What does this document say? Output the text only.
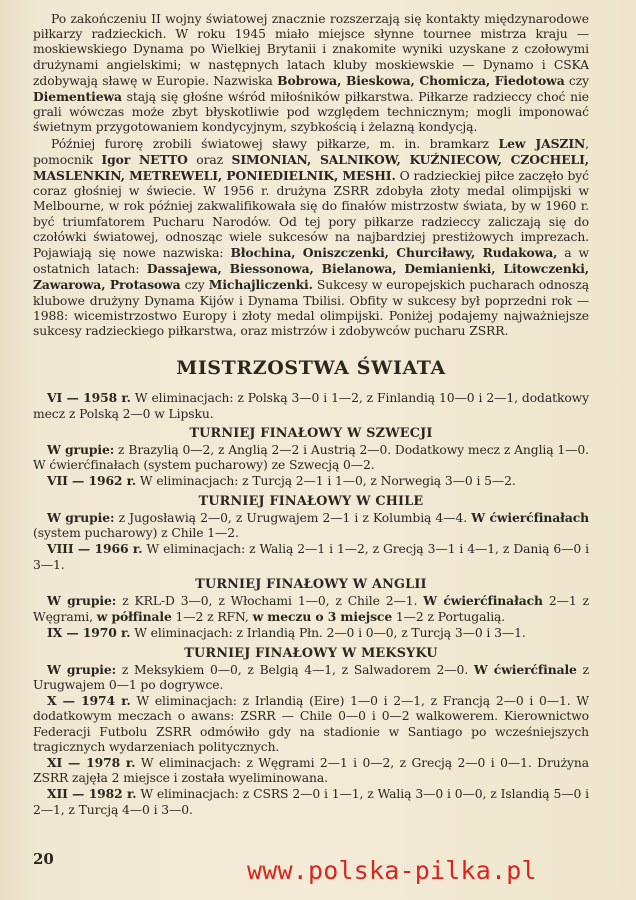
Po zakończeniu II wojny światowej znacznie rozszerzają się kontakty międzynarodowe piłkarzy radzieckich. W roku 1945 miało miejsce słynne tournee mistrza kraju — moskiewskiego Dynama po Wielkiej Brytanii i znakomite wyniki uzyskane z czołowymi drużynami angielskimi; w następnych latach kluby moskiewskie — Dynamo i CSKA zdobywają sławę w Europie. Nazwiska Bobrowa, Bieskowa, Chomicza, Fiedotowa czy Diementiewa stają się głośne wśród miłośników piłkarstwa. Piłkarze radzieccy choć nie grali wówczas może zbyt błyskotliwie pod względem technicznym; mogli imponować świetnym przygotowaniem kondycyjnym, szybkością i żelazną kondycją.

Później furorę zrobili światowej sławy piłkarze, m. in. bramkarz Lew JASZIN, pomocnik Igor NETTO oraz SIMONIAN, SALNIKOW, KUŹNIECOW, CZOCHELI, MASLENKIN, METREWELI, PONIEDIELNIK, MESHI. O radzieckiej piłce zaczęło być coraz głośniej w świecie. W 1956 r. drużyna ZSRR zdobyła złoty medal olimpijski w Melbourne, w rok później zakwalifikowała się do finałów mistrzostw świata, by w 1960 r. być triumfatorem Pucharu Narodów. Od tej pory piłkarze radzieccy zaliczają się do czołówki światowej, odnosząc wiele sukcesów na najbardziej prestiżowych imprezach. Pojawiają się nowe nazwiska: Błochina, Oniszczenki, Churciławy, Rudakowa, a w ostatnich latach: Dassajewa, Biessonowa, Bielanowa, Demianienki, Litowczenki, Zawarowa, Protasowa czy Michajliczenki. Sukcesy w europejskich pucharach odnoszą klubowe drużyny Dynama Kijów i Dynama Tbilisi. Obfity w sukcesy był poprzedni rok — 1988: wicemistrzostwo Europy i złoty medal olimpijski. Poniżej podajemy najważniejsze sukcesy radzieckiego piłkarstwa, oraz mistrzów i zdobywców pucharu ZSRR.

MISTRZOSTWA ŚWIATA

VI — 1958 r. W eliminacjach: z Polską 3—0 i 1—2, z Finlandią 10—0 i 2—1, dodatkowy mecz z Polską 2—0 w Lipsku.

TURNIEJ FINAŁOWY W SZWECJI

W grupie: z Brazylią 0—2, z Anglią 2—2 i Austrią 2—0. Dodatkowy mecz z Anglią 1—0. W ćwierćfinałach (system pucharowy) ze Szwecją 0—2.

VII — 1962 r. W eliminacjach: z Turcją 2—1 i 1—0, z Norwegią 3—0 i 5—2.

TURNIEJ FINAŁOWY W CHILE

W grupie: z Jugosławią 2—0, z Urugwajem 2—1 i z Kolumbią 4—4. W ćwierćfinałach (system pucharowy) z Chile 1—2.

VIII — 1966 r. W eliminacjach: z Walią 2—1 i 1—2, z Grecją 3—1 i 4—1, z Danią 6—0 i 3—1.

TURNIEJ FINAŁOWY W ANGLII

W grupie: z KRL-D 3—0, z Włochami 1—0, z Chile 2—1. W ćwierćfinałach 2—1 z Węgrami, w półfinale 1—2 z RFN, w meczu o 3 miejsce 1—2 z Portugalią.

IX — 1970 r. W eliminacjach: z Irlandią Płn. 2—0 i 0—0, z Turcją 3—0 i 3—1.

TURNIEJ FINAŁOWY W MEKSYKU

W grupie: z Meksykiem 0—0, z Belgią 4—1, z Salwadorem 2—0. W ćwierćfinale z Urugwajem 0—1 po dogrywce.

X — 1974 r. W eliminacjach: z Irlandią (Eire) 1—0 i 2—1, z Francją 2—0 i 0—1. W dodatkowym meczach o awans: ZSRR — Chile 0—0 i 0—2 walkowerem. Kierownictwo Federacji Futbolu ZSRR odmówiło gdy na stadionie w Santiago po wcześniejszych tragicznych wydarzeniach politycznych.

XI — 1978 r. W eliminacjach: z Węgrami 2—1 i 0—2, z Grecją 2—0 i 0—1. Drużyna ZSRR zajęła 2 miejsce i została wyeliminowana.

XII — 1982 r. W eliminacjach: z CSRS 2—0 i 1—1, z Walią 3—0 i 0—0, z Islandią 5—0 i 2—1, z Turcją 4—0 i 3—0.

20	www.polska-pilka.pl
